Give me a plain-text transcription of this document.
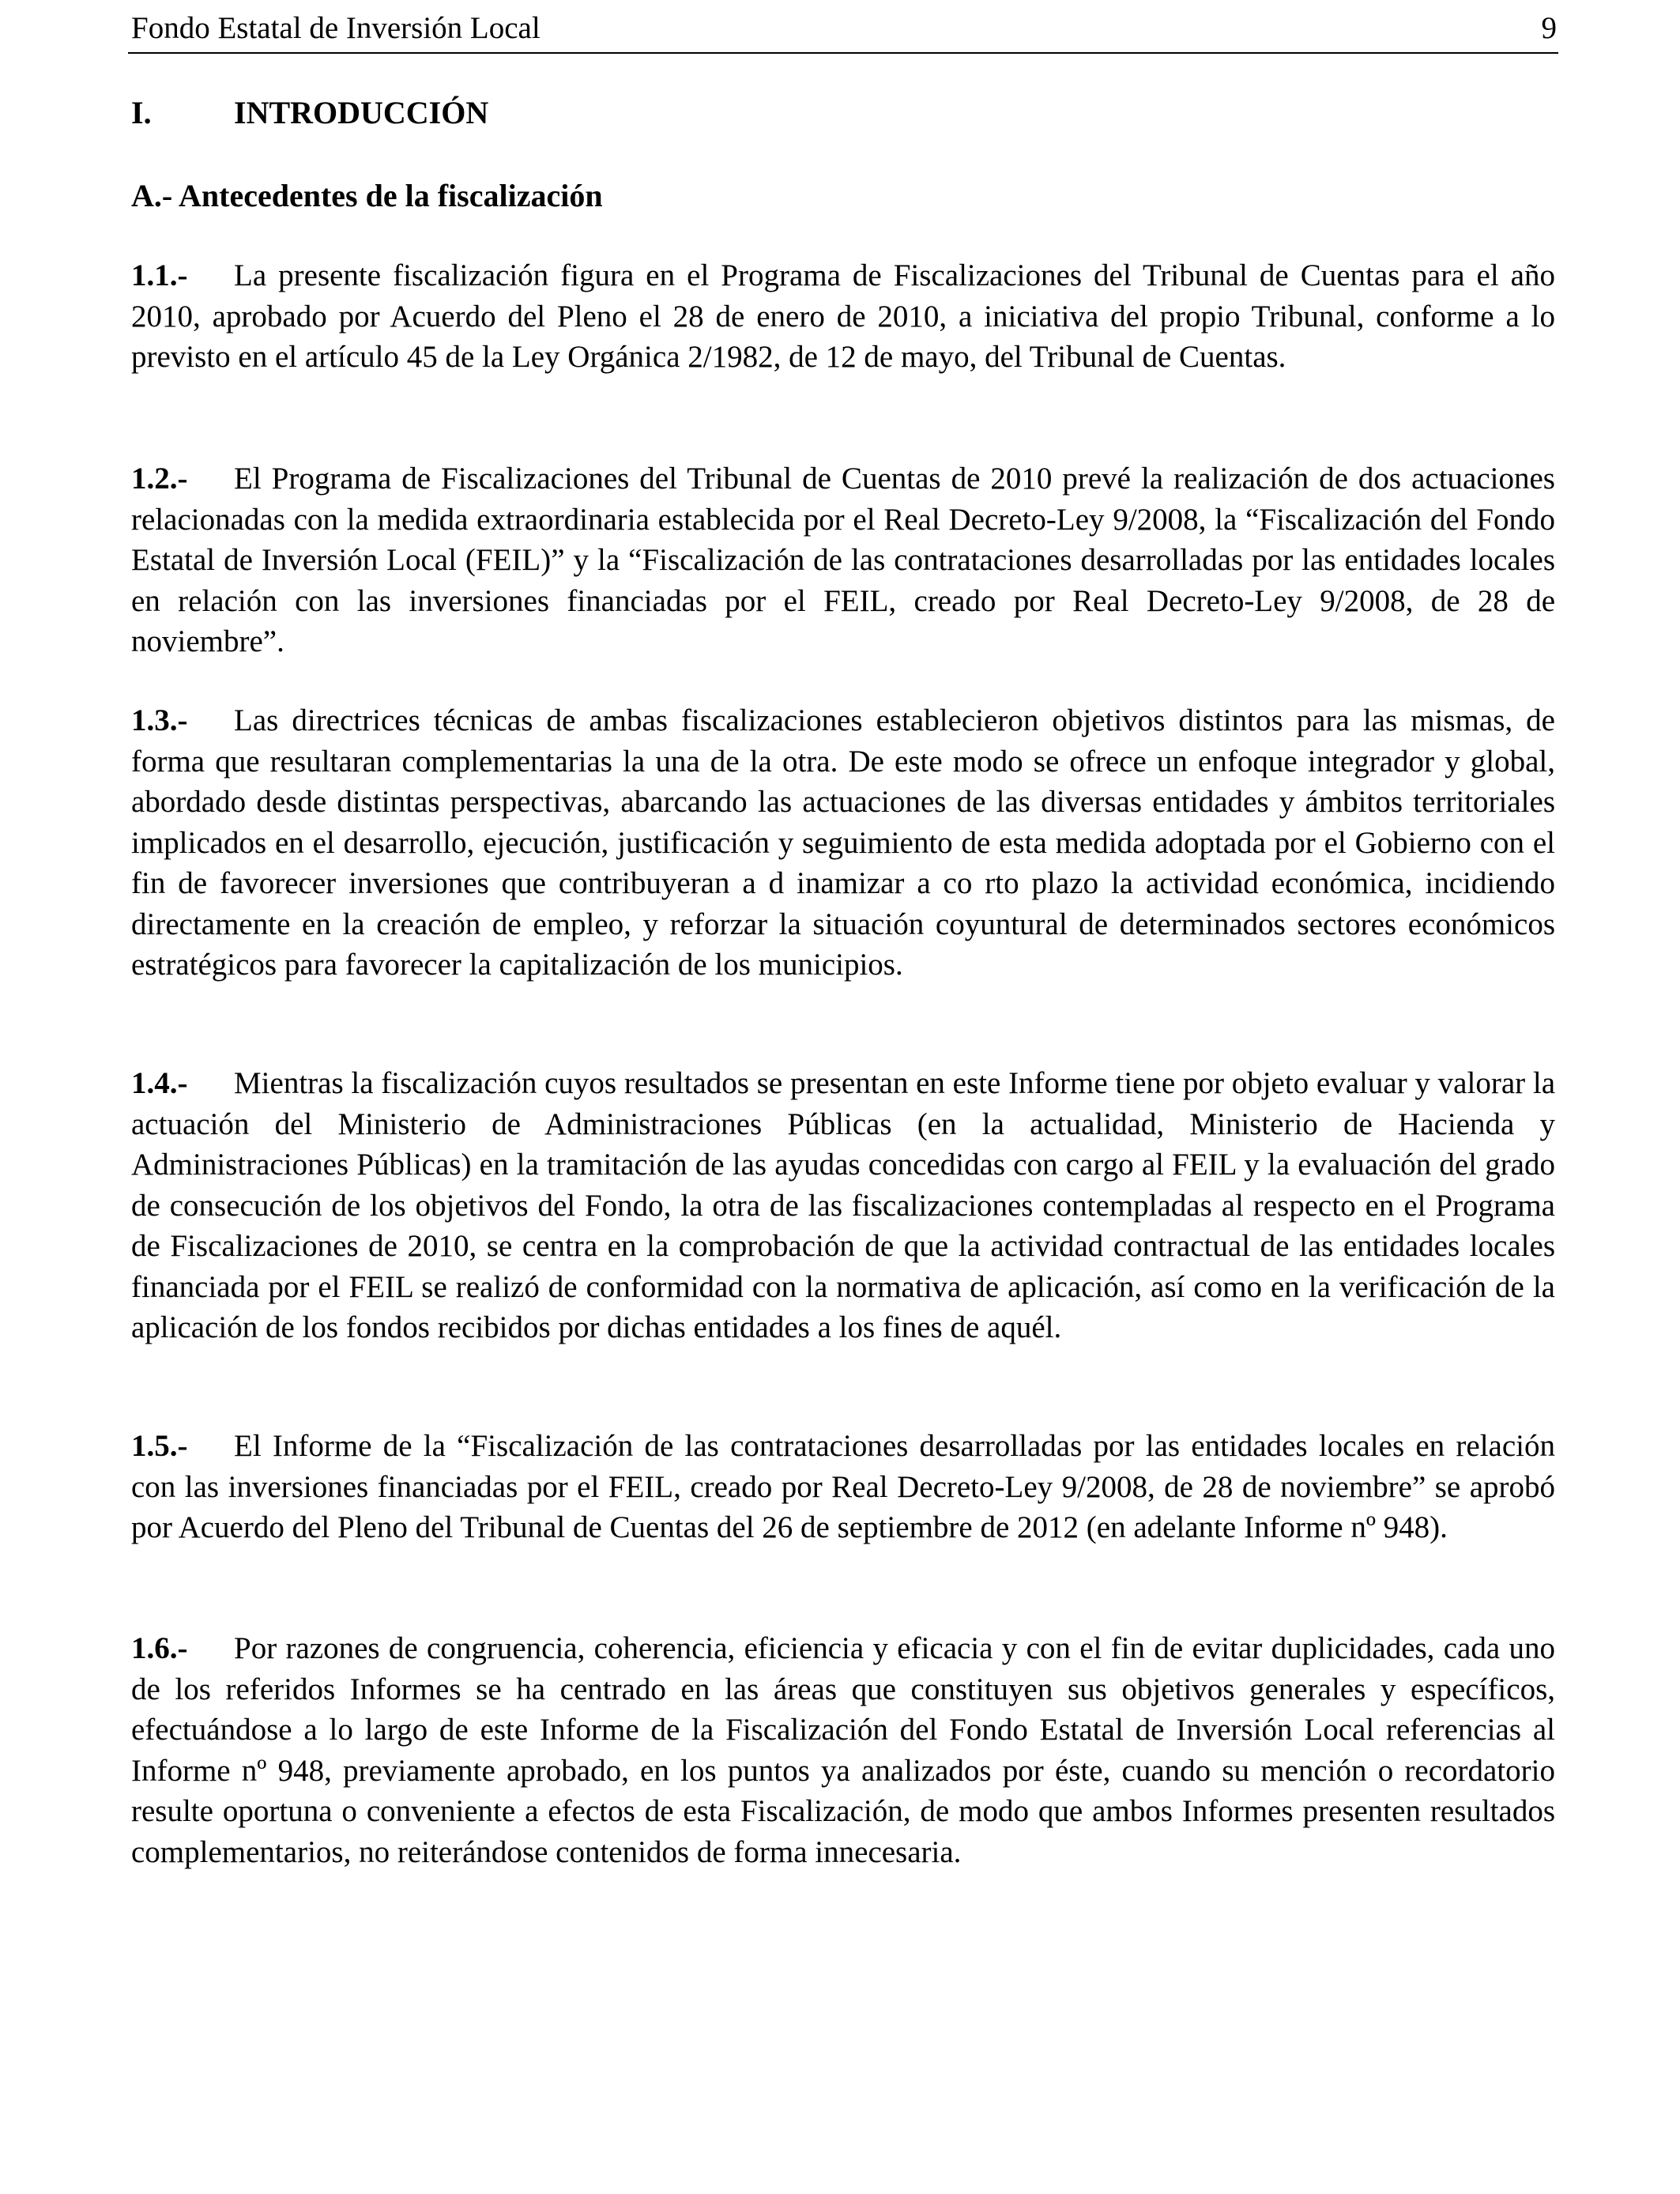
Fondo Estatal de Inversión Local	9
I.	INTRODUCCIÓN
A.- Antecedentes de la fiscalización

1.1.- La presente fiscalización figura en el Programa de Fiscalizaciones del Tribunal de Cuentas para el año 2010, aprobado por Acuerdo del Pleno el 28 de enero de 2010, a iniciativa del propio Tribunal, conforme a lo previsto en el artículo 45 de la Ley Orgánica 2/1982, de 12 de mayo, del Tribunal de Cuentas.

1.2.- El Programa de Fiscalizaciones del Tribunal de Cuentas de 2010 prevé la realización de dos actuaciones relacionadas con la medida extraordinaria establecida por el Real Decreto-Ley 9/2008, la “Fiscalización del Fondo Estatal de Inversión Local (FEIL)” y la “Fiscalización de las contrataciones desarrolladas por las entidades locales en relación con las inversiones financiadas por el FEIL, creado por Real Decreto-Ley 9/2008, de 28 de noviembre”.

1.3.- Las directrices técnicas de ambas fiscalizaciones establecieron objetivos distintos para las mismas, de forma que resultaran complementarias la una de la otra. De este modo se ofrece un enfoque integrador y global, abordado desde distintas perspectivas, abarcando las actuaciones de las diversas entidades y ámbitos territoriales implicados en el desarrollo, ejecución, justificación y seguimiento de esta medida adoptada por el Gobierno con el fin de favorecer inversiones que contribuyeran a d inamizar a co rto plazo la actividad económica, incidiendo directamente en la creación de empleo, y reforzar la situación coyuntural de determinados sectores económicos estratégicos para favorecer la capitalización de los municipios.

1.4.- Mientras la fiscalización cuyos resultados se presentan en este Informe tiene por objeto evaluar y valorar la actuación del Ministerio de Administraciones Públicas (en la actualidad, Ministerio de Hacienda y Administraciones Públicas) en la tramitación de las ayudas concedidas con cargo al FEIL y la evaluación del grado de consecución de los objetivos del Fondo, la otra de las fiscalizaciones contempladas al respecto en el Programa de Fiscalizaciones de 2010, se centra en la comprobación de que la actividad contractual de las entidades locales financiada por el FEIL se realizó de conformidad con la normativa de aplicación, así como en la verificación de la aplicación de los fondos recibidos por dichas entidades a los fines de aquél.

1.5.- El Informe de la “Fiscalización de las contrataciones desarrolladas por las entidades locales en relación con las inversiones financiadas por el FEIL, creado por Real Decreto-Ley 9/2008, de 28 de noviembre” se aprobó por Acuerdo del Pleno del Tribunal de Cuentas del 26 de septiembre de 2012 (en adelante Informe nº 948).

1.6.- Por razones de congruencia, coherencia, eficiencia y eficacia y con el fin de evitar duplicidades, cada uno de los referidos Informes se ha centrado en las áreas que constituyen sus objetivos generales y específicos, efectuándose a lo largo de este Informe de la Fiscalización del Fondo Estatal de Inversión Local referencias al Informe nº 948, previamente aprobado, en los puntos ya analizados por éste, cuando su mención o recordatorio resulte oportuna o conveniente a efectos de esta Fiscalización, de modo que ambos Informes presenten resultados complementarios, no reiterándose contenidos de forma innecesaria.
